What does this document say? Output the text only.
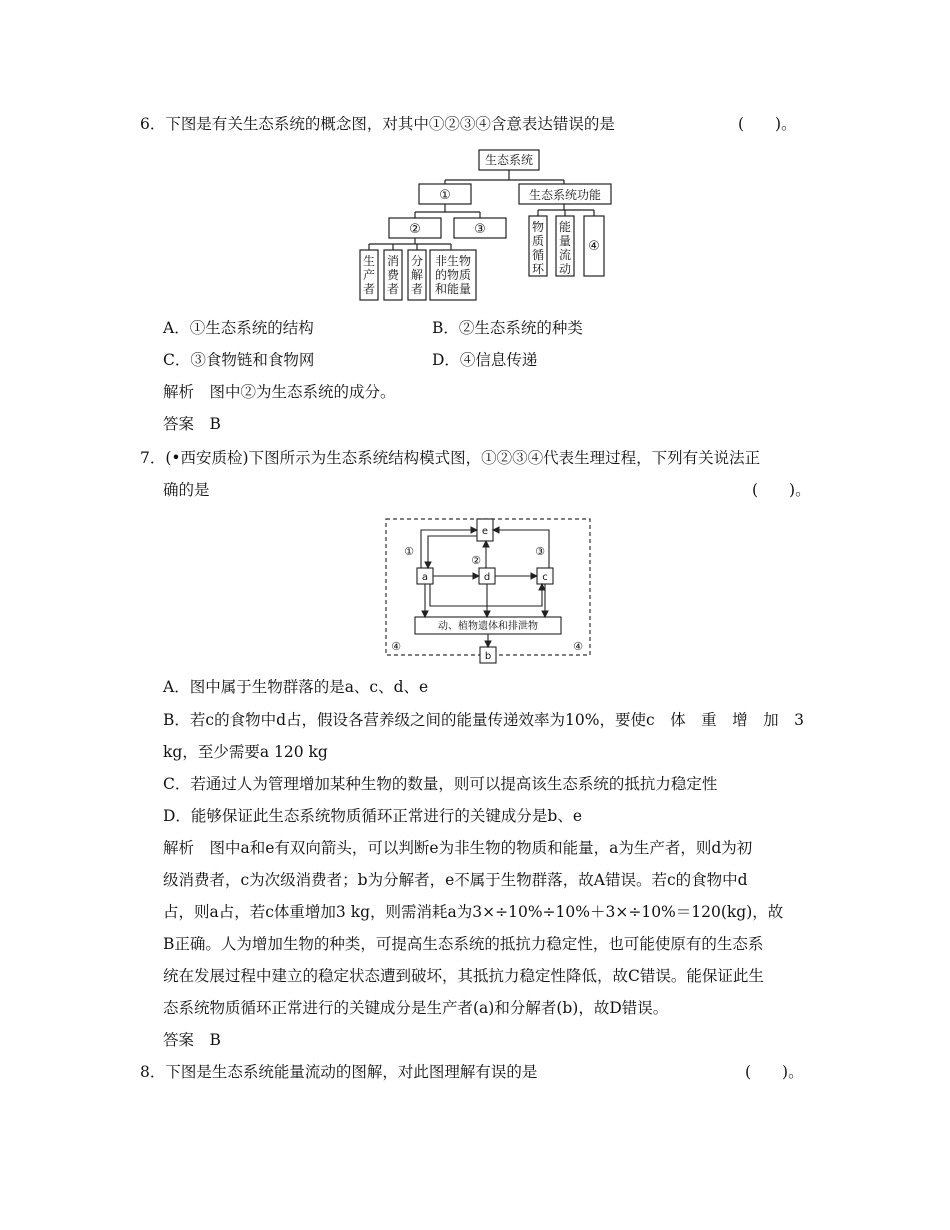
6．下图是有关生态系统的概念图，对其中①②③④含意表达错误的是	(　　)。
生态系统
①	生态系统功能
②	③
生
产
者
消
费
者
分
解
者
非生物
的物质
和能量
物
质
循
环
能
量
流
动
④
A．①生态系统的结构	B．②生态系统的种类
C．③食物链和食物网	D．④信息传递
解析　图中②为生态系统的成分。
答案　B
7．(•西安质检)下图所示为生态系统结构模式图，①②③④代表生理过程，下列有关说法正
确的是	(　　)。
e
a	d	c
b
动、植物遗体和排泄物
①
②
③
④	④
A．图中属于生物群落的是a、c、d、e
B．若c的食物中d占，假设各营养级之间的能量传递效率为10%，要使c　体　重　增　加　3
kg，至少需要a 120 kg
C．若通过人为管理增加某种生物的数量，则可以提高该生态系统的抵抗力稳定性
D．能够保证此生态系统物质循环正常进行的关键成分是b、e
解析　图中a和e有双向箭头，可以判断e为非生物的物质和能量，a为生产者，则d为初
级消费者，c为次级消费者；b为分解者，e不属于生物群落，故A错误。若c的食物中d
占，则a占，若c体重增加3 kg，则需消耗a为3×÷10%÷10%＋3×÷10%＝120(kg)，故
B正确。人为增加生物的种类，可提高生态系统的抵抗力稳定性，也可能使原有的生态系
统在发展过程中建立的稳定状态遭到破坏，其抵抗力稳定性降低，故C错误。能保证此生
态系统物质循环正常进行的关键成分是生产者(a)和分解者(b)，故D错误。
答案　B
8．下图是生态系统能量流动的图解，对此图理解有误的是	(　　)。
